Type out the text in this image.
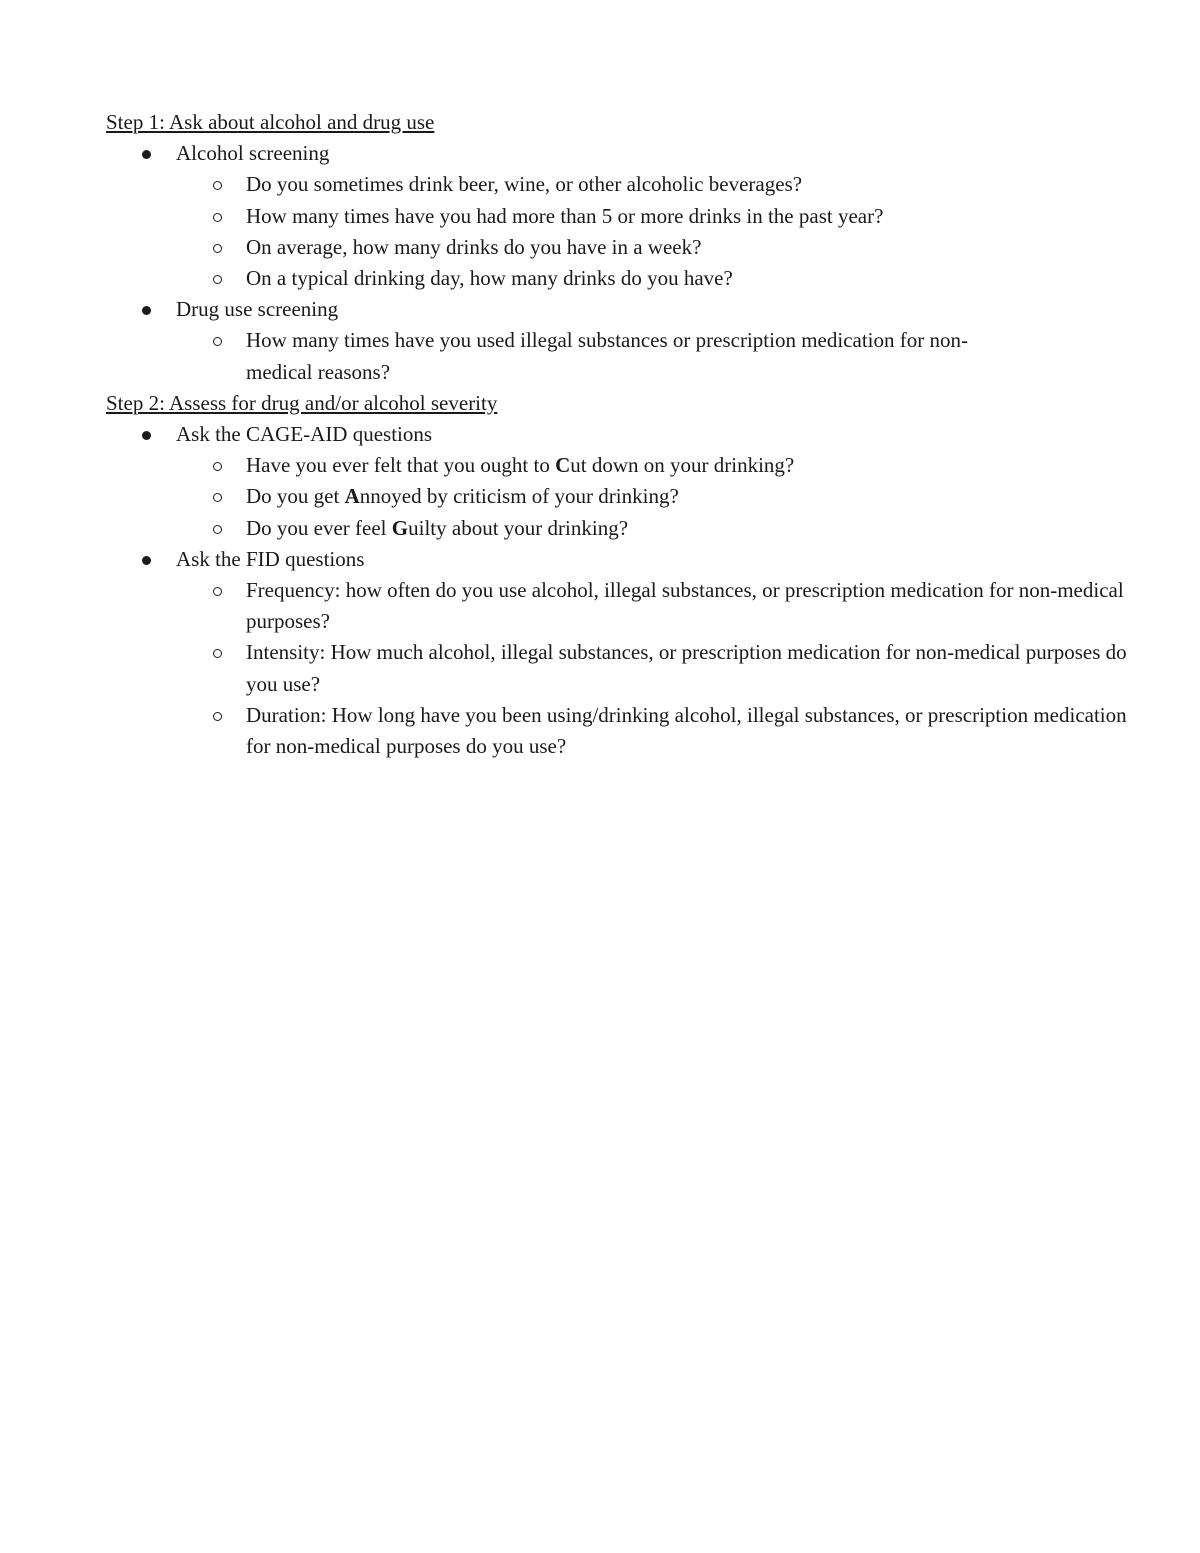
Step 1: Ask about alcohol and drug use
Alcohol screening
Do you sometimes drink beer, wine, or other alcoholic beverages?
How many times have you had more than 5 or more drinks in the past year?
On average, how many drinks do you have in a week?
On a typical drinking day, how many drinks do you have?
Drug use screening
How many times have you used illegal substances or prescription medication for non-medical reasons?
Step 2: Assess for drug and/or alcohol severity
Ask the CAGE-AID questions
Have you ever felt that you ought to Cut down on your drinking?
Do you get Annoyed by criticism of your drinking?
Do you ever feel Guilty about your drinking?
Ask the FID questions
Frequency: how often do you use alcohol, illegal substances, or prescription medication for non-medical purposes?
Intensity: How much alcohol, illegal substances, or prescription medication for non-medical purposes do you use?
Duration: How long have you been using/drinking alcohol, illegal substances, or prescription medication for non-medical purposes do you use?
